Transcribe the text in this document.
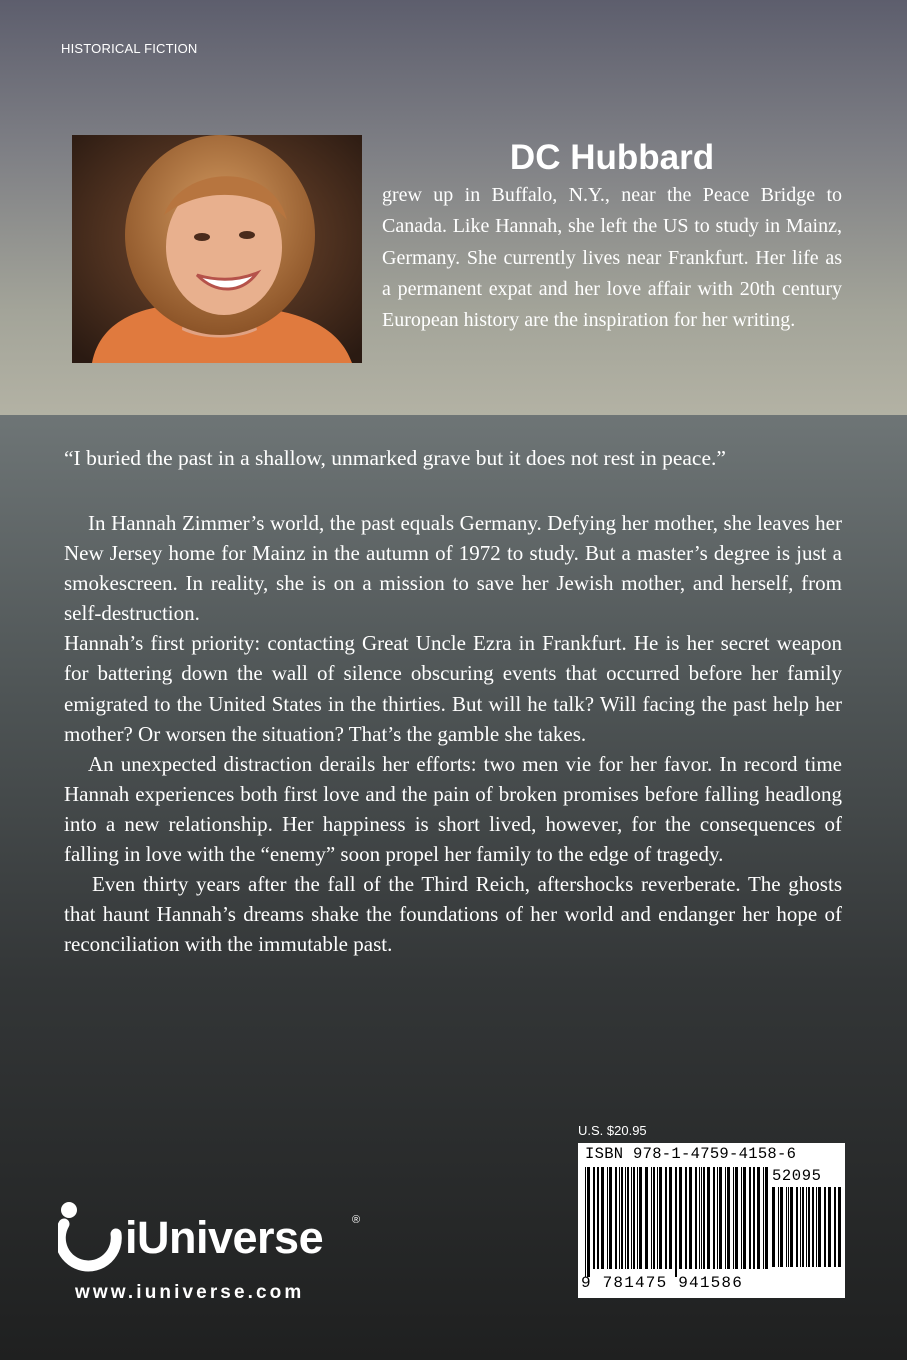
HISTORICAL FICTION
DC Hubbard
grew up in Buffalo, N.Y., near the Peace Bridge to Canada. Like Hannah, she left the US to study in Mainz, Germany. She currently lives near Frankfurt. Her life as a permanent expat and her love affair with 20th century European history are the inspiration for her writing.
“I buried the past in a shallow, unmarked grave but it does not rest in peace.”

In Hannah Zimmer’s world, the past equals Germany. Defying her mother, she leaves her New Jersey home for Mainz in the autumn of 1972 to study. But a master’s degree is just a smokescreen. In reality, she is on a mission to save her Jewish mother, and herself, from self-destruction.

Hannah’s first priority: contacting Great Uncle Ezra in Frankfurt. He is her secret weapon for battering down the wall of silence obscuring events that occurred before her family emigrated to the United States in the thirties. But will he talk? Will facing the past help her mother? Or worsen the situation? That’s the gamble she takes.

An unexpected distraction derails her efforts: two men vie for her favor. In record time Hannah experiences both first love and the pain of broken promises before falling headlong into a new relationship. Her happiness is short lived, however, for the consequences of falling in love with the “enemy” soon propel her family to the edge of tragedy.

Even thirty years after the fall of the Third Reich, aftershocks reverberate. The ghosts that haunt Hannah’s dreams shake the foundations of her world and endanger her hope of reconciliation with the immutable past.

U.S. $20.95
ISBN 978-1-4759-4158-6
52095
9 781475 941586
iUniverse	®
www.iuniverse.com
